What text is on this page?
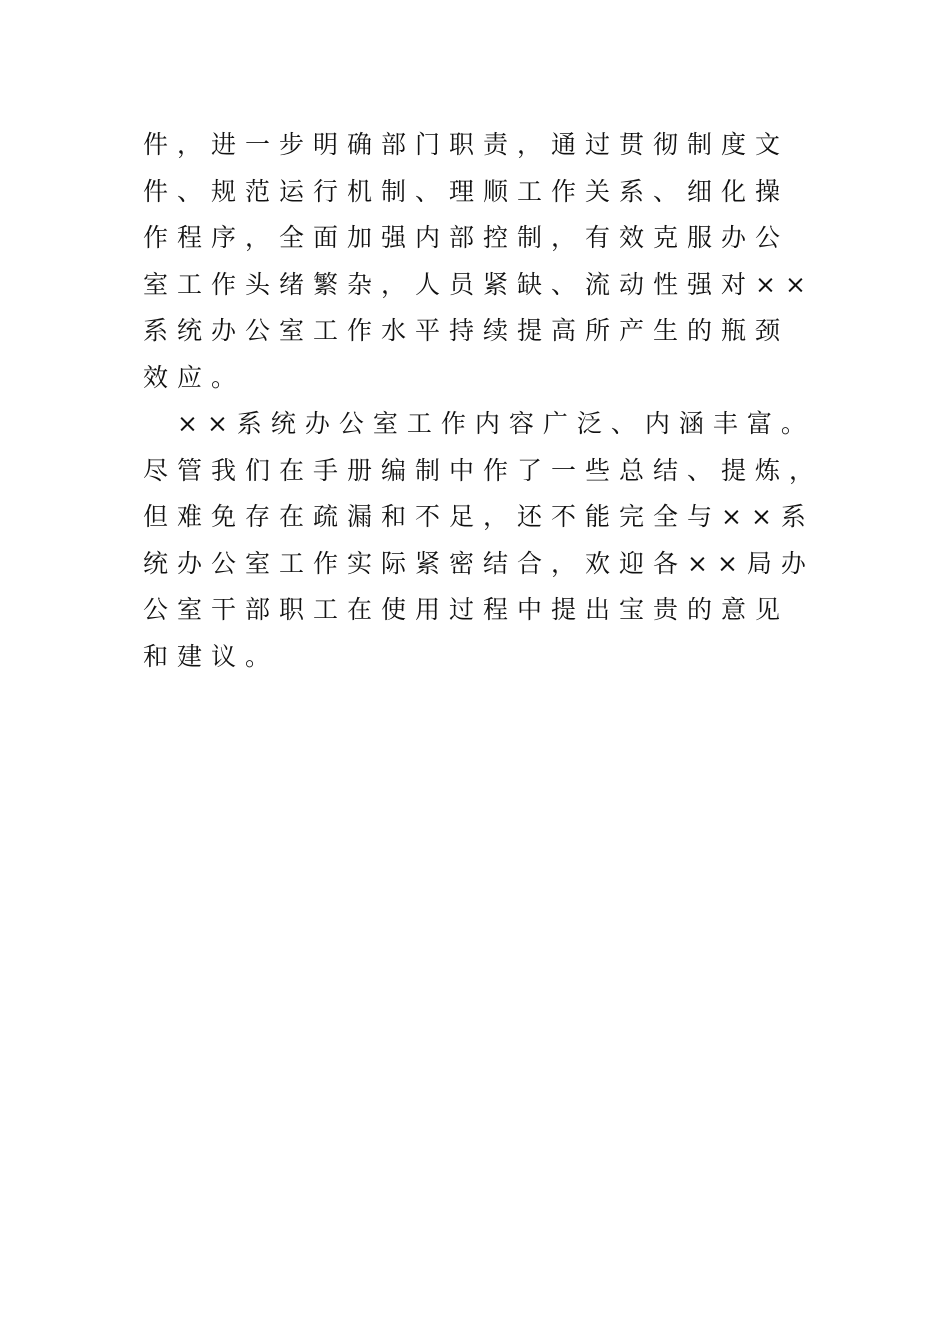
件，进一步明确部门职责，通过贯彻制度文
件、规范运行机制、理顺工作关系、细化操
作程序，全面加强内部控制，有效克服办公
室工作头绪繁杂，人员紧缺、流动性强对××
系统办公室工作水平持续提高所产生的瓶颈
效应。
　××系统办公室工作内容广泛、内涵丰富。
尽管我们在手册编制中作了一些总结、提炼，
但难免存在疏漏和不足，还不能完全与××系
统办公室工作实际紧密结合，欢迎各××局办
公室干部职工在使用过程中提出宝贵的意见
和建议。
